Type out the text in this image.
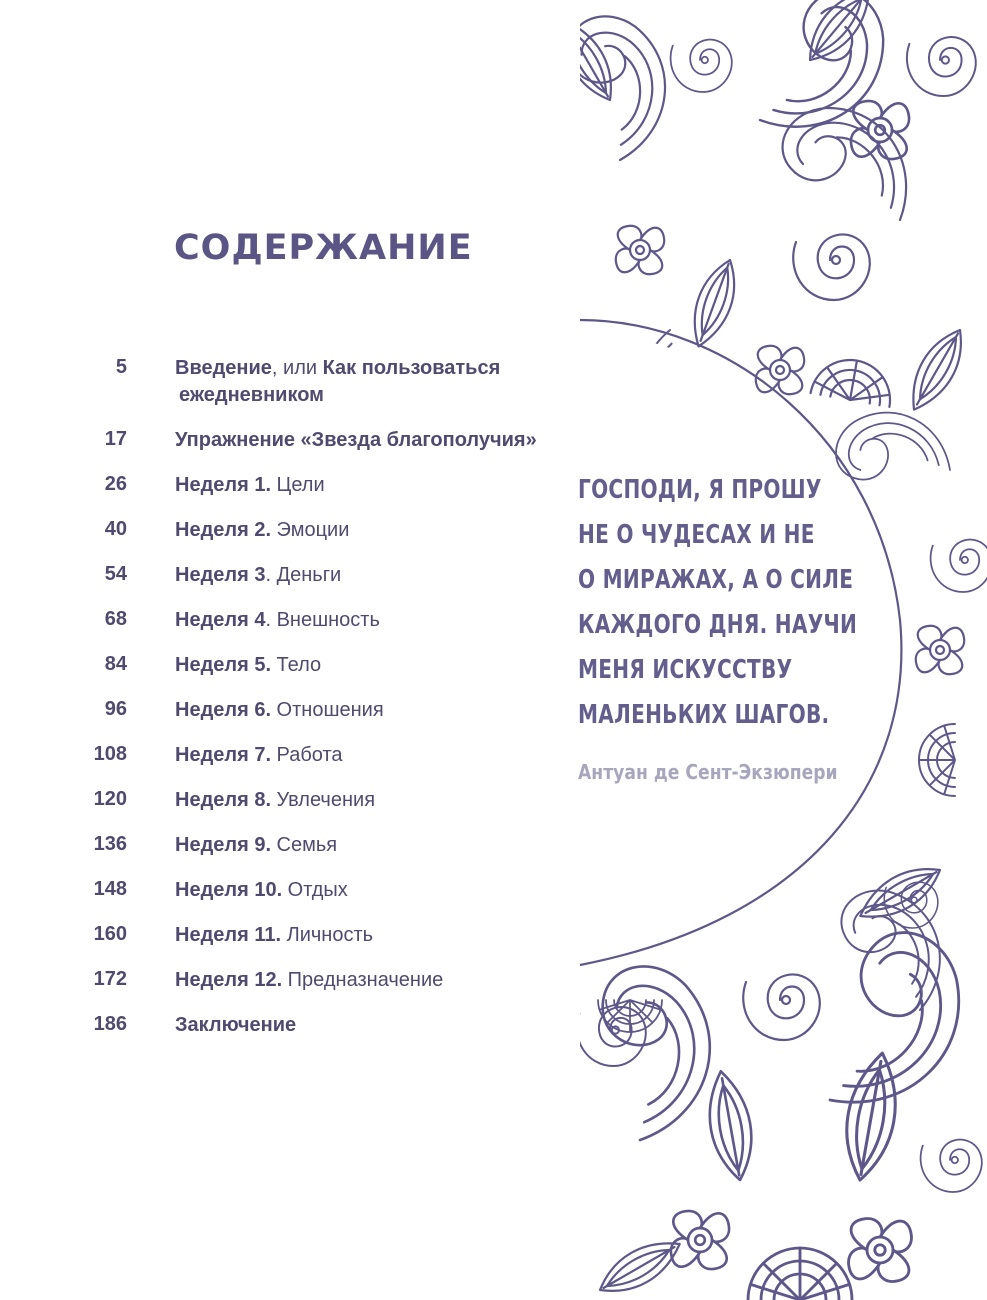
СОДЕРЖАНИЕ
5 Введение, или Как пользоваться
ежедневником
17 Упражнение «Звезда благополучия»
26 Неделя 1. Цели
40 Неделя 2. Эмоции
54 Неделя 3. Деньги
68 Неделя 4. Внешность
84 Неделя 5. Тело
96 Неделя 6. Отношения
108 Неделя 7. Работа
120 Неделя 8. Увлечения
136 Неделя 9. Семья
148 Неделя 10. Отдых
160 Неделя 11. Личность
172 Неделя 12. Предназначение
186 Заключение
ГОСПОДИ, Я ПРОШУ
НЕ О ЧУДЕСАХ И НЕ
О МИРАЖАХ, А О СИЛЕ
КАЖДОГО ДНЯ. НАУЧИ
МЕНЯ ИСКУССТВУ
МАЛЕНЬКИХ ШАГОВ.
Антуан де Сент-Экзюпери
